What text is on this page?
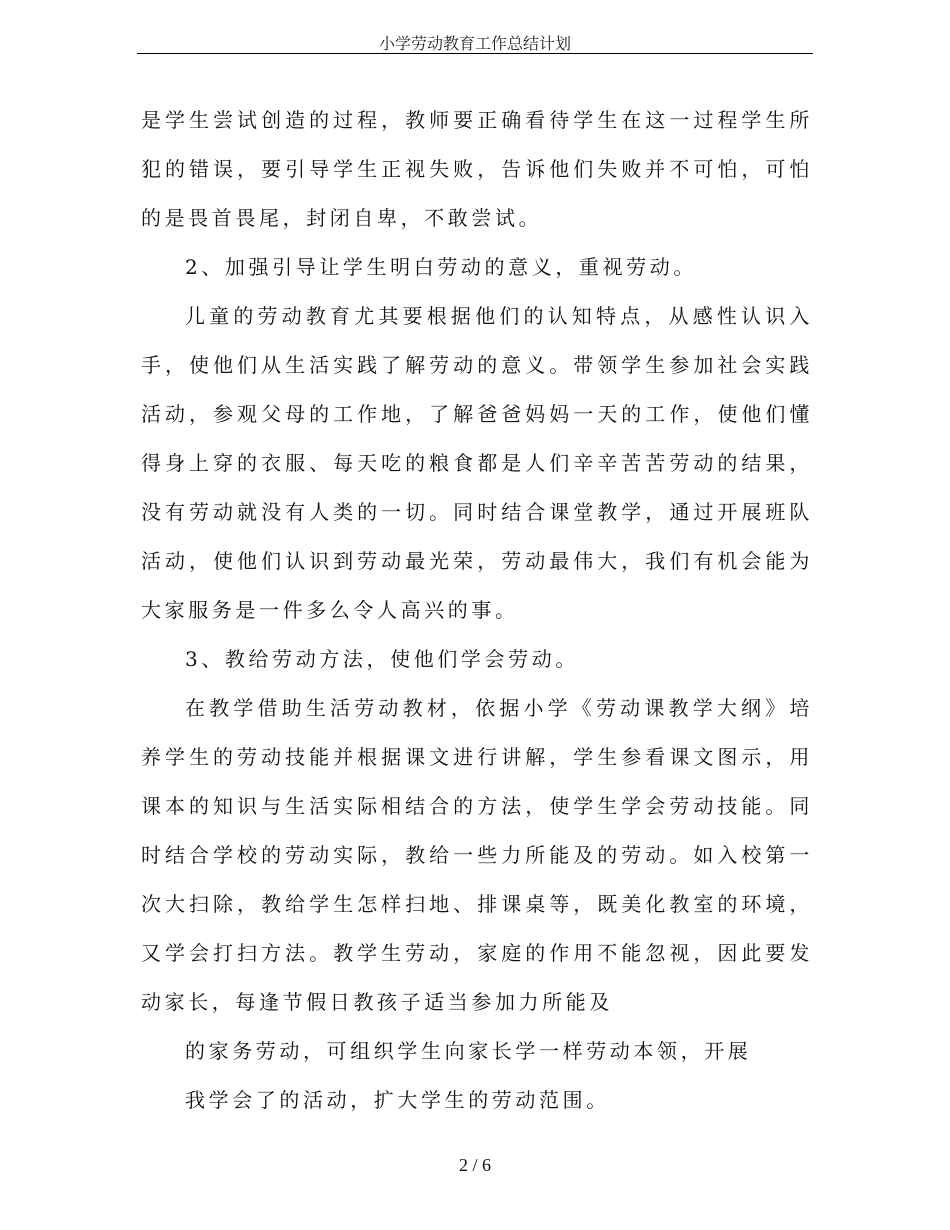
小学劳动教育工作总结计划

是学生尝试创造的过程，教师要正确看待学生在这一过程学生所犯的错误，要引导学生正视失败，告诉他们失败并不可怕，可怕的是畏首畏尾，封闭自卑，不敢尝试。

2、加强引导让学生明白劳动的意义，重视劳动。

儿童的劳动教育尤其要根据他们的认知特点，从感性认识入手，使他们从生活实践了解劳动的意义。带领学生参加社会实践活动，参观父母的工作地，了解爸爸妈妈一天的工作，使他们懂得身上穿的衣服、每天吃的粮食都是人们辛辛苦苦劳动的结果，没有劳动就没有人类的一切。同时结合课堂教学，通过开展班队活动，使他们认识到劳动最光荣，劳动最伟大，我们有机会能为大家服务是一件多么令人高兴的事。

3、教给劳动方法，使他们学会劳动。

在教学借助生活劳动教材，依据小学《劳动课教学大纲》培养学生的劳动技能并根据课文进行讲解，学生参看课文图示，用课本的知识与生活实际相结合的方法，使学生学会劳动技能。同时结合学校的劳动实际，教给一些力所能及的劳动。如入校第一次大扫除，教给学生怎样扫地、排课桌等，既美化教室的环境，又学会打扫方法。教学生劳动，家庭的作用不能忽视，因此要发动家长，每逢节假日教孩子适当参加力所能及

的家务劳动，可组织学生向家长学一样劳动本领，开展

我学会了的活动，扩大学生的劳动范围。

2 / 6
